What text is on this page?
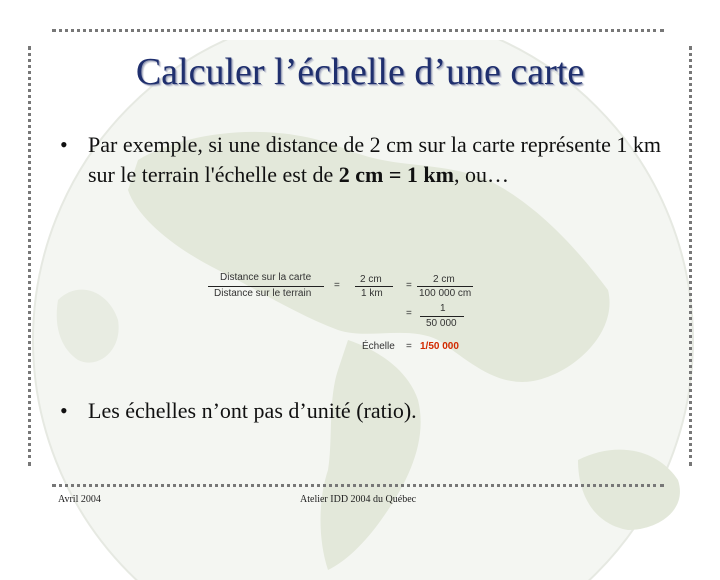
Calculer l’échelle d’une carte
• Par exemple, si une distance de 2 cm sur la carte représente 1 km sur le terrain l'échelle est de 2 cm = 1 km, ou…
Distance sur la carte
Distance sur le terrain
=
2 cm
1 km
=
2 cm
100 000 cm
=	1
50 000
Échelle = 1/50 000
• Les échelles n’ont pas d’unité (ratio).
Avril 2004	Atelier IDD 2004 du Québec
